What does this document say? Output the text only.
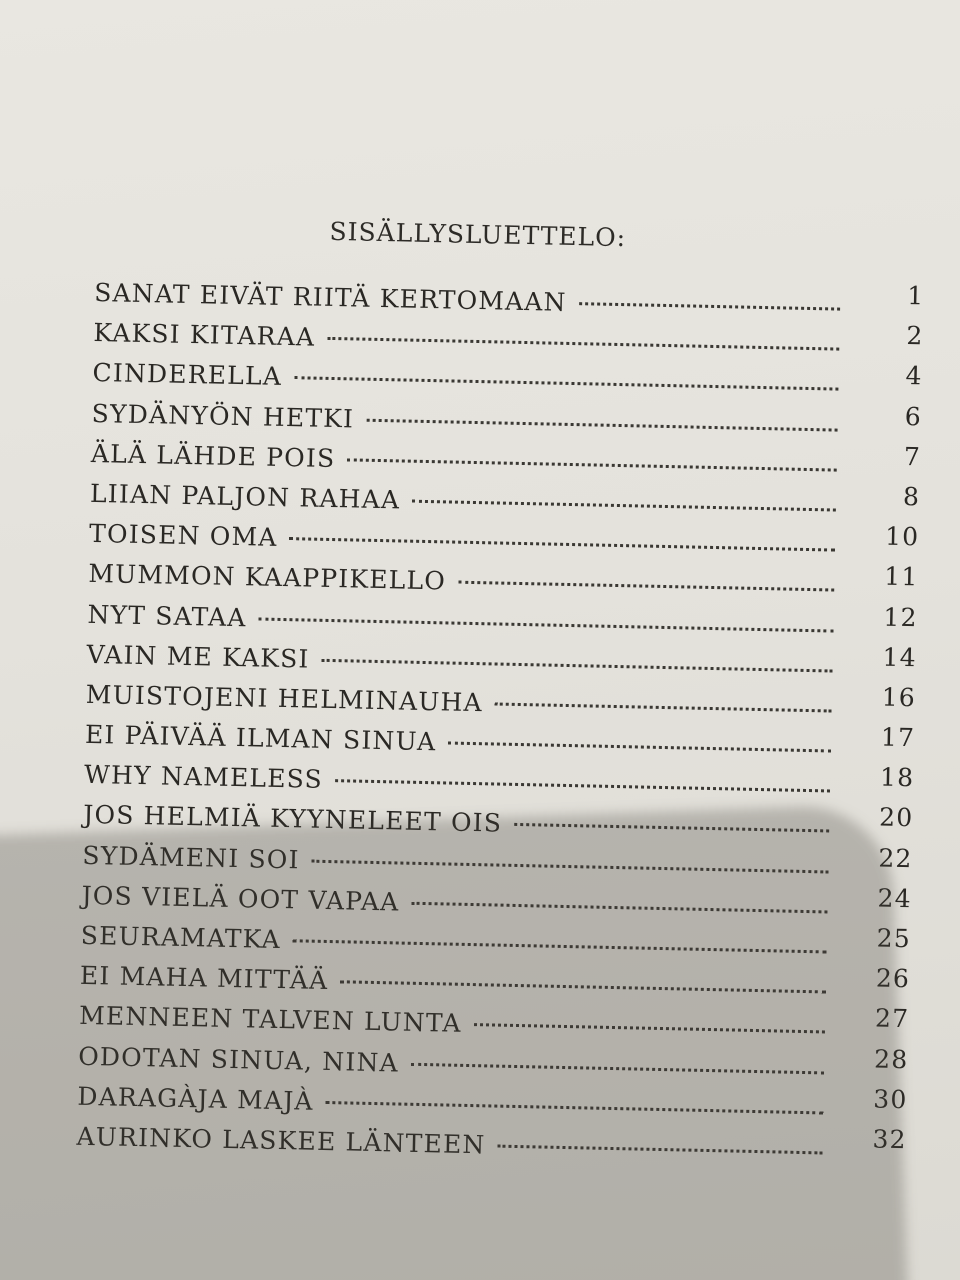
SISÄLLYSLUETTELO:
SANAT EIVÄT RIITÄ KERTOMAAN	1
KAKSI KITARAA	2
CINDERELLA	4
SYDÄNYÖN HETKI	6
ÄLÄ LÄHDE POIS	7
LIIAN PALJON RAHAA	8
TOISEN OMA	10
MUMMON KAAPPIKELLO	11
NYT SATAA	12
VAIN ME KAKSI	14
MUISTOJENI HELMINAUHA	16
EI PÄIVÄÄ ILMAN SINUA	17
WHY NAMELESS	18
JOS HELMIÄ KYYNELEET OIS	20
SYDÄMENI SOI	22
JOS VIELÄ OOT VAPAA	24
SEURAMATKA	25
EI MAHA MITTÄÄ	26
MENNEEN TALVEN LUNTA	27
ODOTAN SINUA, NINA	28
DARAGÀJA MAJÀ	30
AURINKO LASKEE LÄNTEEN	32
